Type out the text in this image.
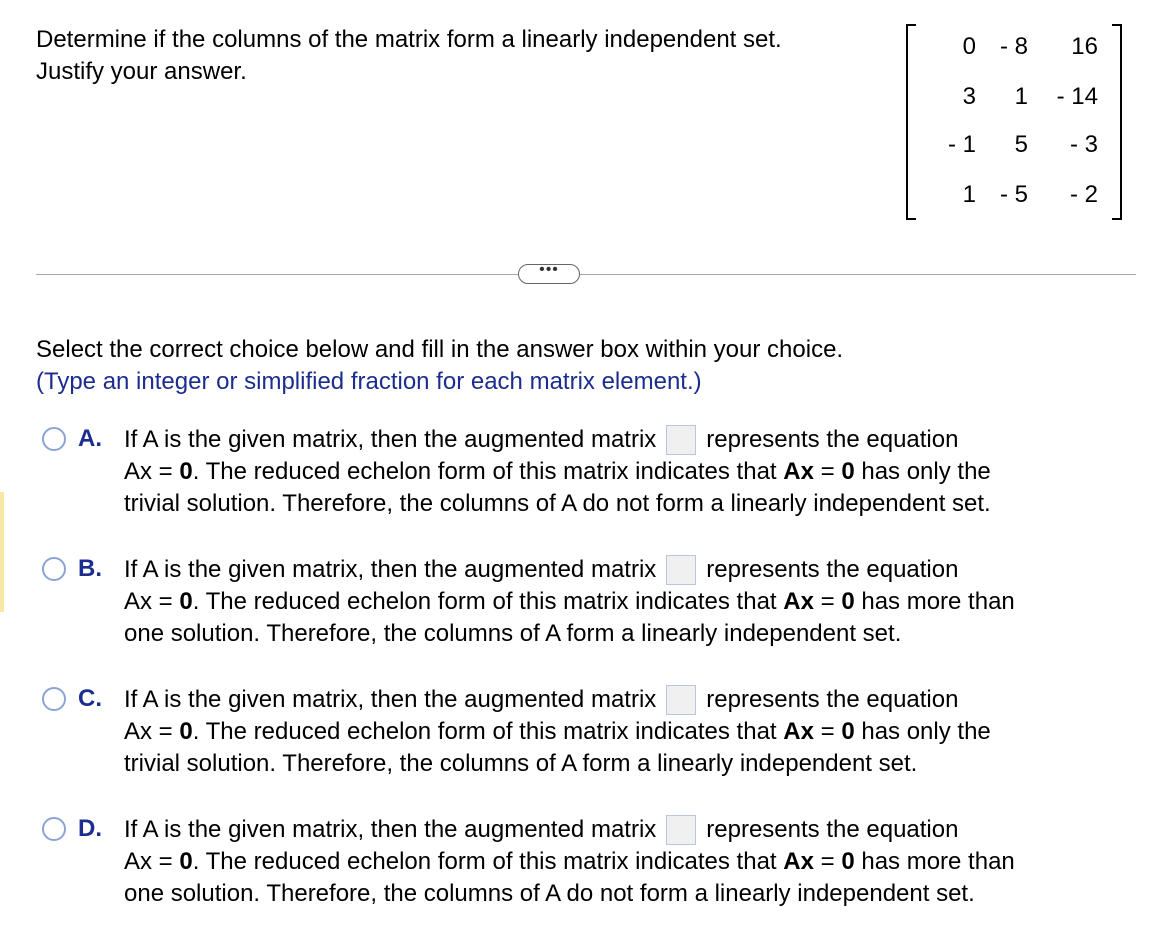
Determine if the columns of the matrix form a linearly independent set.
Justify your answer.
0 - 8 16
3 1 - 14
- 1 5 - 3
1 - 5 - 2
•••
Select the correct choice below and fill in the answer box within your choice.
(Type an integer or simplified fraction for each matrix element.)
A. If A is the given matrix, then the augmented matrix represents the equation
Ax = 0. The reduced echelon form of this matrix indicates that Ax = 0 has only the
trivial solution. Therefore, the columns of A do not form a linearly independent set.
B. If A is the given matrix, then the augmented matrix represents the equation
Ax = 0. The reduced echelon form of this matrix indicates that Ax = 0 has more than
one solution. Therefore, the columns of A form a linearly independent set.
C. If A is the given matrix, then the augmented matrix represents the equation
Ax = 0. The reduced echelon form of this matrix indicates that Ax = 0 has only the
trivial solution. Therefore, the columns of A form a linearly independent set.
D. If A is the given matrix, then the augmented matrix represents the equation
Ax = 0. The reduced echelon form of this matrix indicates that Ax = 0 has more than
one solution. Therefore, the columns of A do not form a linearly independent set.
